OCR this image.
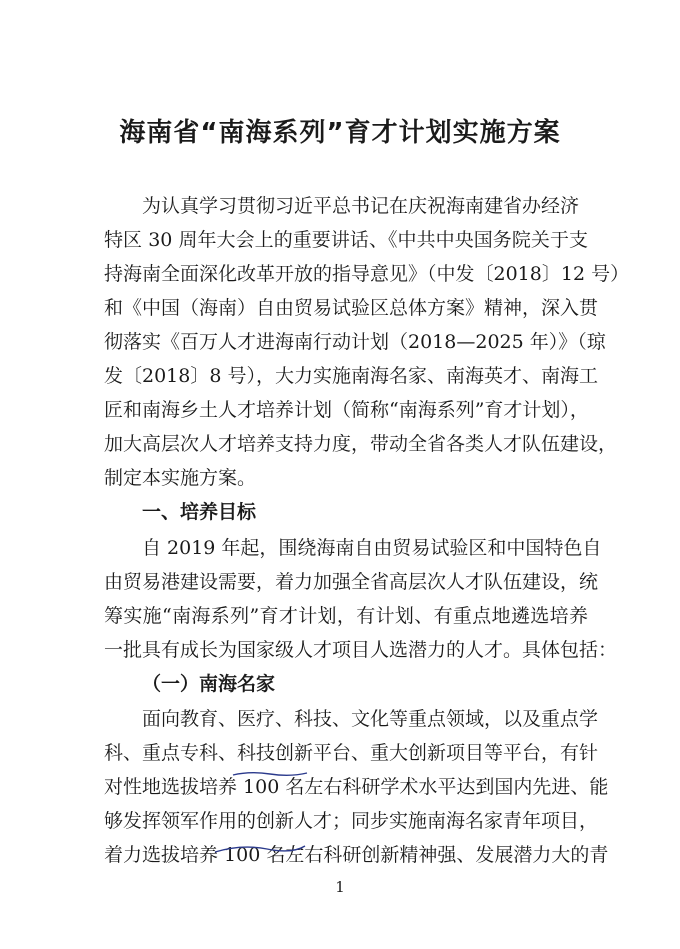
海南省“南海系列”育才计划实施方案
为认真学习贯彻习近平总书记在庆祝海南建省办经济
特区 30 周年大会上的重要讲话、《中共中央国务院关于支
持海南全面深化改革开放的指导意见》（中发〔2018〕12 号）
和《中国（海南）自由贸易试验区总体方案》精神，深入贯
彻落实《百万人才进海南行动计划（2018—2025 年）》（琼
发〔2018〕8 号），大力实施南海名家、南海英才、南海工
匠和南海乡土人才培养计划（简称“南海系列”育才计划），
加大高层次人才培养支持力度，带动全省各类人才队伍建设，
制定本实施方案。
一、培养目标
自 2019 年起，围绕海南自由贸易试验区和中国特色自
由贸易港建设需要，着力加强全省高层次人才队伍建设，统
筹实施“南海系列”育才计划，有计划、有重点地遴选培养
一批具有成长为国家级人才项目人选潜力的人才。具体包括：
（一）南海名家
面向教育、医疗、科技、文化等重点领域，以及重点学
科、重点专科、科技创新平台、重大创新项目等平台，有针
对性地选拔培养 100 名左右科研学术水平达到国内先进、能
够发挥领军作用的创新人才；同步实施南海名家青年项目，
着力选拔培养 100 名左右科研创新精神强、发展潜力大的青
1
